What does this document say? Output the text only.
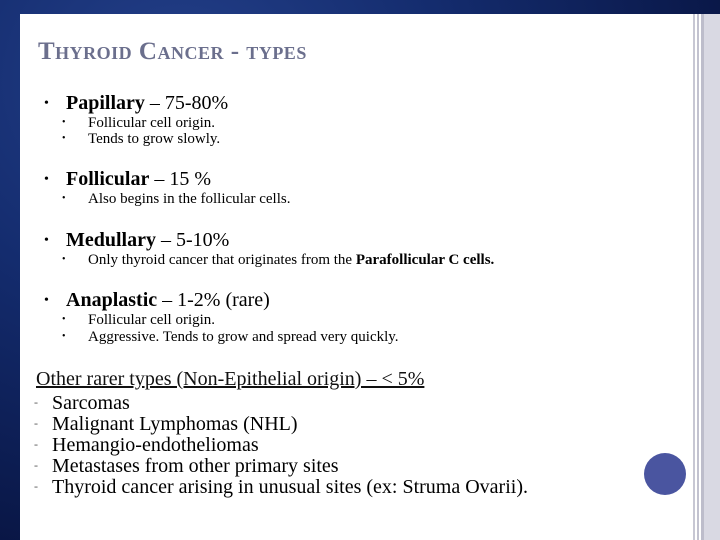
Thyroid Cancer - types
• Papillary – 75-80%
• Follicular cell origin.
• Tends to grow slowly.
• Follicular – 15 %
• Also begins in the follicular cells.
• Medullary – 5-10%
• Only thyroid cancer that originates from the Parafollicular C cells.
• Anaplastic – 1-2% (rare)
• Follicular cell origin.
• Aggressive. Tends to grow and spread very quickly.
Other rarer types (Non-Epithelial origin) – < 5%
- Sarcomas
- Malignant Lymphomas (NHL)
- Hemangio-endotheliomas
- Metastases from other primary sites
- Thyroid cancer arising in unusual sites (ex: Struma Ovarii).
